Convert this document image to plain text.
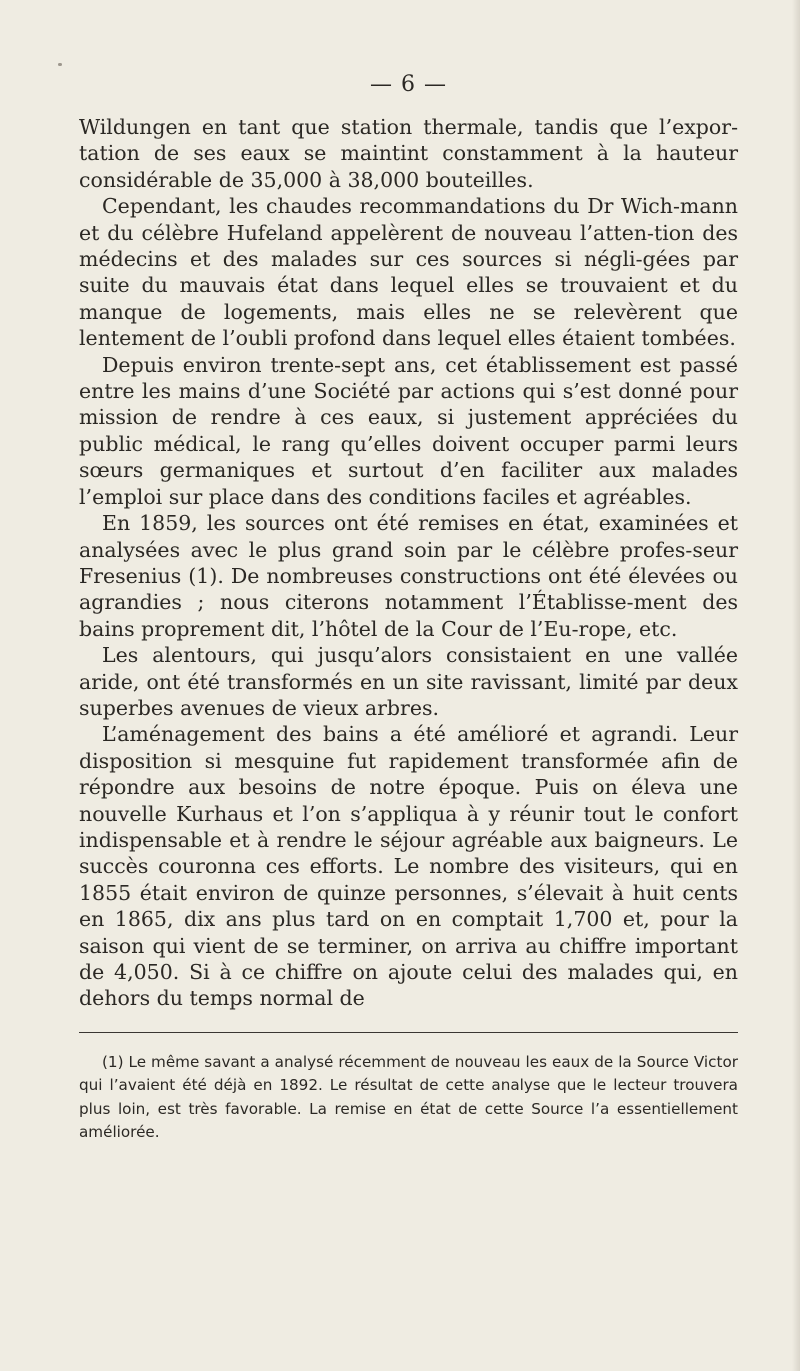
— 6 —

Wildungen en tant que station thermale, tandis que l’expor-tation de ses eaux se maintint constamment à la hauteur considérable de 35,000 à 38,000 bouteilles.

Cependant, les chaudes recommandations du Dr Wich-mann et du célèbre Hufeland appelèrent de nouveau l’atten-tion des médecins et des malades sur ces sources si négli-gées par suite du mauvais état dans lequel elles se trouvaient et du manque de logements, mais elles ne se relevèrent que lentement de l’oubli profond dans lequel elles étaient tombées.

Depuis environ trente-sept ans, cet établissement est passé entre les mains d’une Société par actions qui s’est donné pour mission de rendre à ces eaux, si justement appréciées du public médical, le rang qu’elles doivent occuper parmi leurs sœurs germaniques et surtout d’en faciliter aux malades l’emploi sur place dans des conditions faciles et agréables.

En 1859, les sources ont été remises en état, examinées et analysées avec le plus grand soin par le célèbre profes-seur Fresenius (1). De nombreuses constructions ont été élevées ou agrandies ; nous citerons notamment l’Établisse-ment des bains proprement dit, l’hôtel de la Cour de l’Eu-rope, etc.

Les alentours, qui jusqu’alors consistaient en une vallée aride, ont été transformés en un site ravissant, limité par deux superbes avenues de vieux arbres.

L’aménagement des bains a été amélioré et agrandi. Leur disposition si mesquine fut rapidement transformée afin de répondre aux besoins de notre époque. Puis on éleva une nouvelle Kurhaus et l’on s’appliqua à y réunir tout le confort indispensable et à rendre le séjour agréable aux baigneurs. Le succès couronna ces efforts. Le nombre des visiteurs, qui en 1855 était environ de quinze personnes, s’élevait à huit cents en 1865, dix ans plus tard on en comptait 1,700 et, pour la saison qui vient de se terminer, on arriva au chiffre important de 4,050. Si à ce chiffre on ajoute celui des malades qui, en dehors du temps normal de

(1) Le même savant a analysé récemment de nouveau les eaux de la Source Victor qui l’avaient été déjà en 1892. Le résultat de cette analyse que le lecteur trouvera plus loin, est très favorable. La remise en état de cette Source l’a essentiellement améliorée.
